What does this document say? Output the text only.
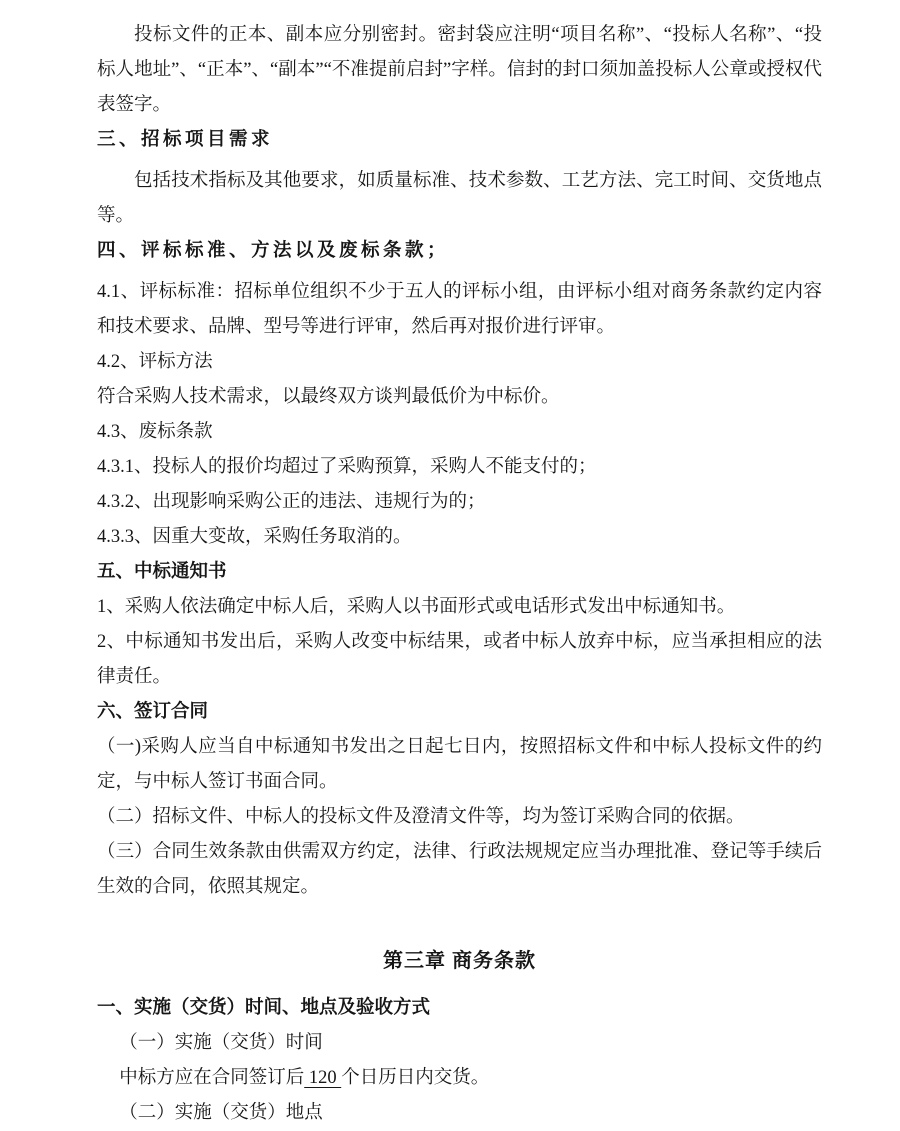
投标文件的正本、副本应分别密封。密封袋应注明“项目名称”、“投标人名称”、“投标人地址”、“正本”、“副本”“不准提前启封”字样。信封的封口须加盖投标人公章或授权代表签字。

三、招标项目需求

包括技术指标及其他要求，如质量标准、技术参数、工艺方法、完工时间、交货地点等。

四、评标标准、方法以及废标条款；

4.1、评标标准：招标单位组织不少于五人的评标小组，由评标小组对商务条款约定内容和技术要求、品牌、型号等进行评审，然后再对报价进行评审。

4.2、评标方法

符合采购人技术需求，以最终双方谈判最低价为中标价。

4.3、废标条款

4.3.1、投标人的报价均超过了采购预算，采购人不能支付的；

4.3.2、出现影响采购公正的违法、违规行为的；

4.3.3、因重大变故，采购任务取消的。

五、中标通知书

1、采购人依法确定中标人后，采购人以书面形式或电话形式发出中标通知书。

2、中标通知书发出后，采购人改变中标结果，或者中标人放弃中标，应当承担相应的法律责任。

六、签订合同

（一)采购人应当自中标通知书发出之日起七日内，按照招标文件和中标人投标文件的约定，与中标人签订书面合同。

（二）招标文件、中标人的投标文件及澄清文件等，均为签订采购合同的依据。

（三）合同生效条款由供需双方约定，法律、行政法规规定应当办理批准、登记等手续后生效的合同，依照其规定。

第三章 商务条款

一、实施（交货）时间、地点及验收方式

（一）实施（交货）时间

中标方应在合同签订后 120 个日历日内交货。

（二）实施（交货）地点
